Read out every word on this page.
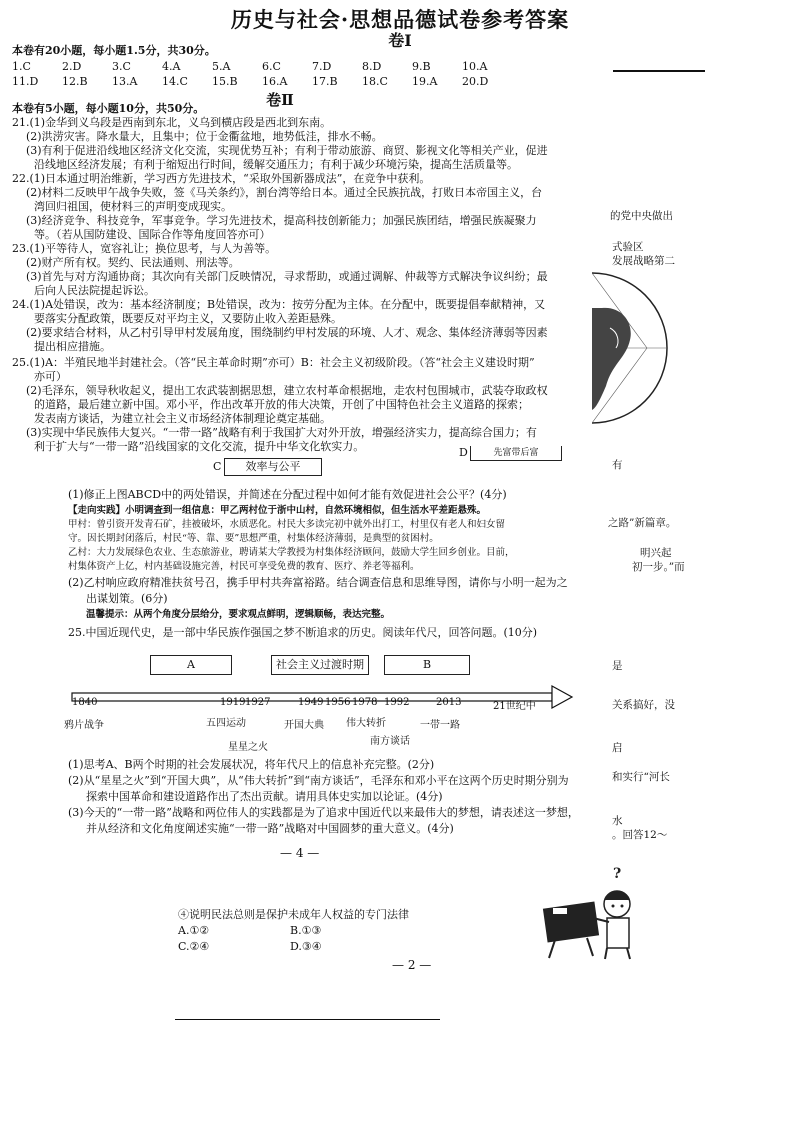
历史与社会·思想品德试卷参考答案
卷Ⅰ
本卷有20小题，每小题1.5分，共30分。
1.C	2.D	3.C	4.A	5.A	6.C	7.D	8.D	9.B	10.A
11.D 12.B 13.A 14.C 15.B 16.A 17.B 18.C 19.A 20.D
卷Ⅱ
本卷有5小题，每小题10分，共50分。
21.(1)金华到义乌段是西南到东北，义乌到横店段是西北到东南。
(2)洪涝灾害。降水量大，且集中；位于金衢盆地，地势低洼，排水不畅。
(3)有利于促进沿线地区经济文化交流，实现优势互补；有利于带动旅游、商贸、影视文化等相关产业，促进
沿线地区经济发展；有利于缩短出行时间，缓解交通压力；有利于减少环境污染，提高生活质量等。
22.(1)日本通过明治维新，学习西方先进技术，“采取外国新器成法”，在竞争中获利。
(2)材料二反映甲午战争失败，签《马关条约》，割台湾等给日本。通过全民族抗战，打败日本帝国主义，台
湾回归祖国，使材料三的声明变成现实。
(3)经济竞争、科技竞争，军事竞争。学习先进技术，提高科技创新能力；加强民族团结，增强民族凝聚力
等。（若从国防建设、国际合作等角度回答亦可）
23.(1)平等待人，宽容礼让；换位思考，与人为善等。
(2)财产所有权。契约、民法通则、刑法等。
(3)首先与对方沟通协商；其次向有关部门反映情况，寻求帮助，或通过调解、仲裁等方式解决争议纠纷；最
后向人民法院提起诉讼。
24.(1)A处错误，改为：基本经济制度；B处错误，改为：按劳分配为主体。在分配中，既要提倡奉献精神，又
要落实分配政策，既要反对平均主义，又要防止收入差距悬殊。
(2)要求结合材料，从乙村引导甲村发展角度，围绕制约甲村发展的环境、人才、观念、集体经济薄弱等因素
提出相应措施。
25.(1)A：半殖民地半封建社会。（答“民主革命时期”亦可）B：社会主义初级阶段。（答“社会主义建设时期”
亦可）
(2)毛泽东，领导秋收起义，提出工农武装割据思想，建立农村革命根据地，走农村包围城市，武装夺取政权
的道路，最后建立新中国。邓小平，作出改革开放的伟大决策，开创了中国特色社会主义道路的探索；
发表南方谈话，为建立社会主义市场经济体制理论奠定基础。
(3)实现中华民族伟大复兴。“一带一路”战略有利于我国扩大对外开放，增强经济实力，提高综合国力；有
利于扩大与“一带一路”沿线国家的文化交流，提升中华文化软实力。
C 效率与公平
D	先富带后富
(1)修正上图ABCD中的两处错误，并简述在分配过程中如何才能有效促进社会公平？(4分)
【走向实践】小明调查到一组信息：甲乙两村位于浙中山村，自然环境相似，但生活水平差距悬殊。
甲村：曾引资开发青石矿，挂被破坏，水质恶化。村民大多读完初中就外出打工，村里仅有老人和妇女留
守。因长期封闭落后，村民“等、靠、要”思想严重，村集体经济薄弱，是典型的贫困村。
乙村：大力发展绿色农业、生态旅游业，聘请某大学教授为村集体经济顾问，鼓励大学生回乡创业。目前，
村集体资产上亿，村内基础设施完善，村民可享受免费的教育、医疗、养老等福利。
(2)乙村响应政府精准扶贫号召，携手甲村共奔富裕路。结合调查信息和思维导图，请你与小明一起为之
出谋划策。(6分)
温馨提示：从两个角度分层给分，要求观点鲜明，逻辑顺畅，表达完整。
25.中国近现代史，是一部中华民族作强国之梦不断追求的历史。阅读年代尺，回答问题。(10分)
A	社会主义过渡时期	B
1840	1919 1927	1949 1956 1978 1992	2013	21世纪中
鸦片战争	五四运动	开国大典 伟大转折	一带一路
星星之火
南方谈话
(1)思考A、B两个时期的社会发展状况，将年代尺上的信息补充完整。(2分)
(2)从“星星之火”到“开国大典”，从“伟大转折”到“南方谈话”，毛泽东和邓小平在这两个历史时期分别为
探索中国革命和建设道路作出了杰出贡献。请用具体史实加以论证。(4分)
(3)今天的“一带一路”战略和两位伟人的实践都是为了追求中国近代以来最伟大的梦想，请表述这一梦想，
并从经济和文化角度阐述实施“一带一路”战略对中国圆梦的重大意义。(4分)
— 4 —
④说明民法总则是保护未成年人权益的专门法律
A.①②	B.①③
C.②④	D.③④
— 2 —
的党中央做出
式验区
发展战略第二
有
之路”新篇章。
明兴起
初一步。”而
是
关系搞好，没
启
和实行“河长
水
。回答12～
?
